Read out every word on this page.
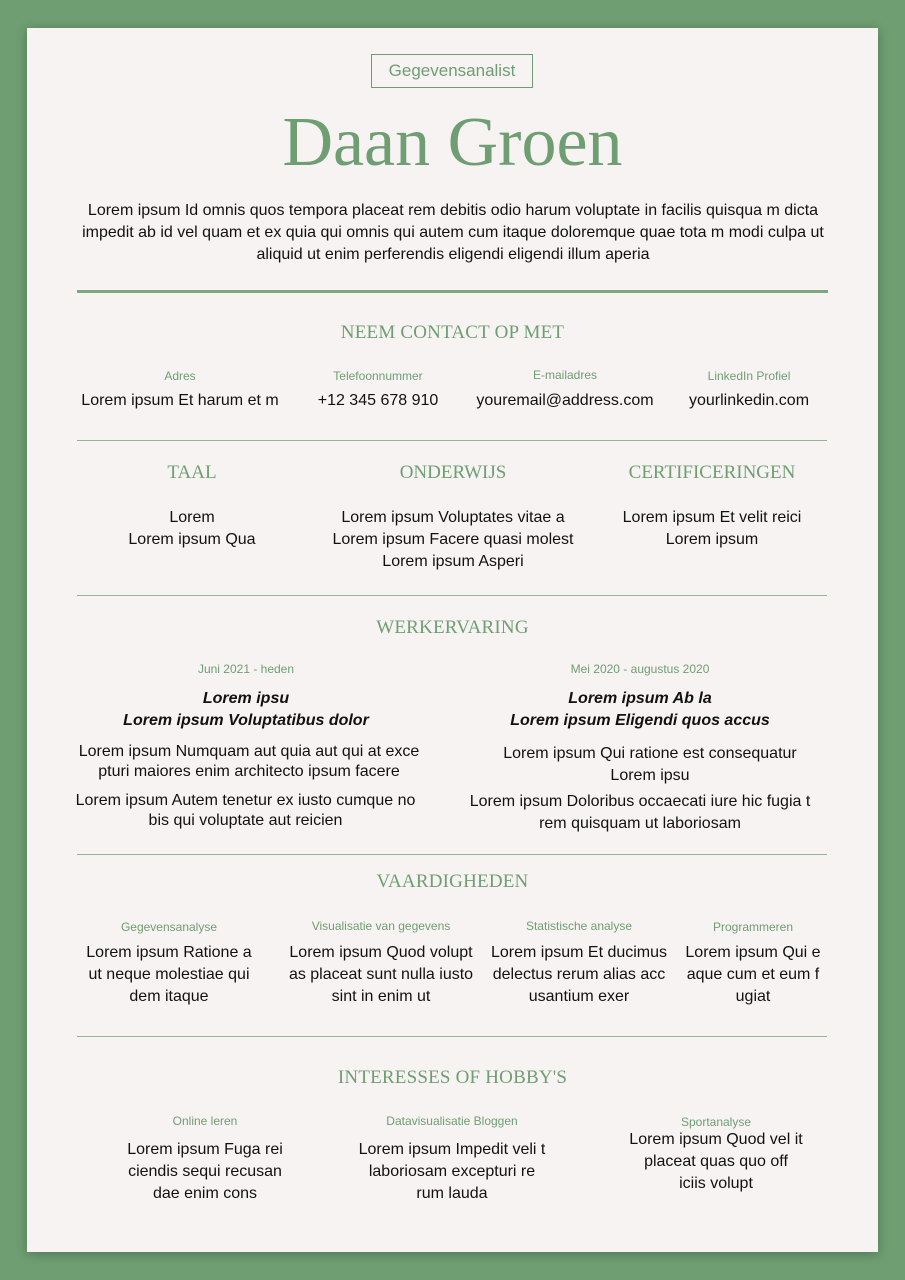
Gegevensanalist
Daan Groen
Lorem ipsum Id omnis quos tempora placeat rem debitis odio harum voluptate in facilis quisqua m dicta impedit ab id vel quam et ex quia qui omnis qui autem cum itaque doloremque quae tota m modi culpa ut aliquid ut enim perferendis eligendi eligendi illum aperia
NEEM CONTACT OP MET
Adres
Lorem ipsum Et harum et m
Telefoonnummer
+12 345 678 910
E-mailadres
youremail@address.com
LinkedIn Profiel
yourlinkedin.com
TAAL
Lorem
Lorem ipsum Qua
ONDERWIJS
Lorem ipsum Voluptates vitae a
Lorem ipsum Facere quasi molest
Lorem ipsum Asperi
CERTIFICERINGEN
Lorem ipsum Et velit reici
Lorem ipsum
WERKERVARING
Juni 2021 - heden
Lorem ipsu
Lorem ipsum Voluptatibus dolor
Lorem ipsum Numquam aut quia aut qui at exce pturi maiores enim architecto ipsum facere
Lorem ipsum Autem tenetur ex iusto cumque no bis qui voluptate aut reicien
Mei 2020 - augustus 2020
Lorem ipsum Ab la
Lorem ipsum Eligendi quos accus
Lorem ipsum Qui ratione est consequatur Lorem ipsu
Lorem ipsum Doloribus occaecati iure hic fugia t rem quisquam ut laboriosam
VAARDIGHEDEN
Gegevensanalyse
Lorem ipsum Ratione a ut neque molestiae qui dem itaque
Visualisatie van gegevens
Lorem ipsum Quod volupt as placeat sunt nulla iusto sint in enim ut
Statistische analyse
Lorem ipsum Et ducimus delectus rerum alias acc usantium exer
Programmeren
Lorem ipsum Qui e aque cum et eum f ugiat
INTERESSES OF HOBBY'S
Online leren
Lorem ipsum Fuga rei ciendis sequi recusan dae enim cons
Datavisualisatie Bloggen
Lorem ipsum Impedit veli t laboriosam excepturi re rum lauda
Sportanalyse
Lorem ipsum Quod vel it placeat quas quo off iciis volupt
